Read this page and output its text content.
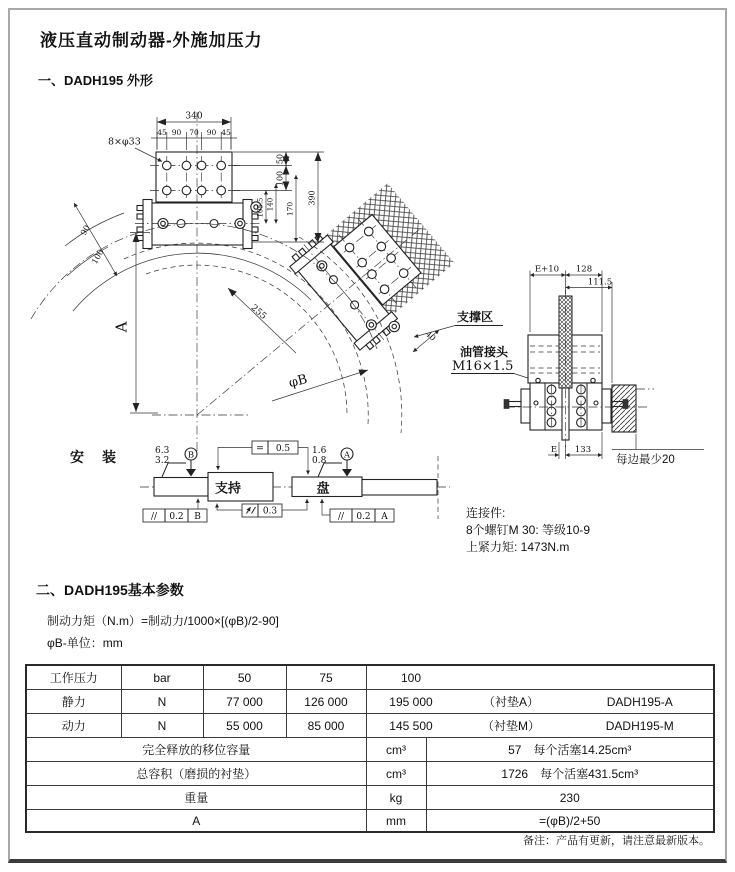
液压直动制动器-外施加压力
一、DADH195 外形
二、DADH195基本参数
制动力矩（N.m）=制动力/1000×[(φB)/2-90]
φB-单位：mm
备注：产品有更新，请注意最新版本。
340
45 90 70 90 45
8×φ33
50
100
390
105.5 140 170
A
90
100
255
φB
40
支撑区
油管接头
M16×1.5
E+10 128
111.5
E 133
每边最少20
连接件:
8个螺钉M 30: 等级10-9
上紧力矩: 1473N.m
安　装
支持	盘
6.3
3.2
B	1.6
0.8
A
= 0.5
// 0.2 B
0.3
// 0.2 A
工作压力	bar	50	75	100	

静力	N	77 000	126 000	195 000 （衬垫A） DADH195-A	

动力	N	55 000	85 000	145 500 （衬垫M） DADH195-M	

完全释放的移位容量				cm³	57　每个活塞14.25cm³
总容积（磨损的衬垫）				cm³	1726　每个活塞431.5cm³
重量				kg	230
A				mm	=(φB)/2+50
